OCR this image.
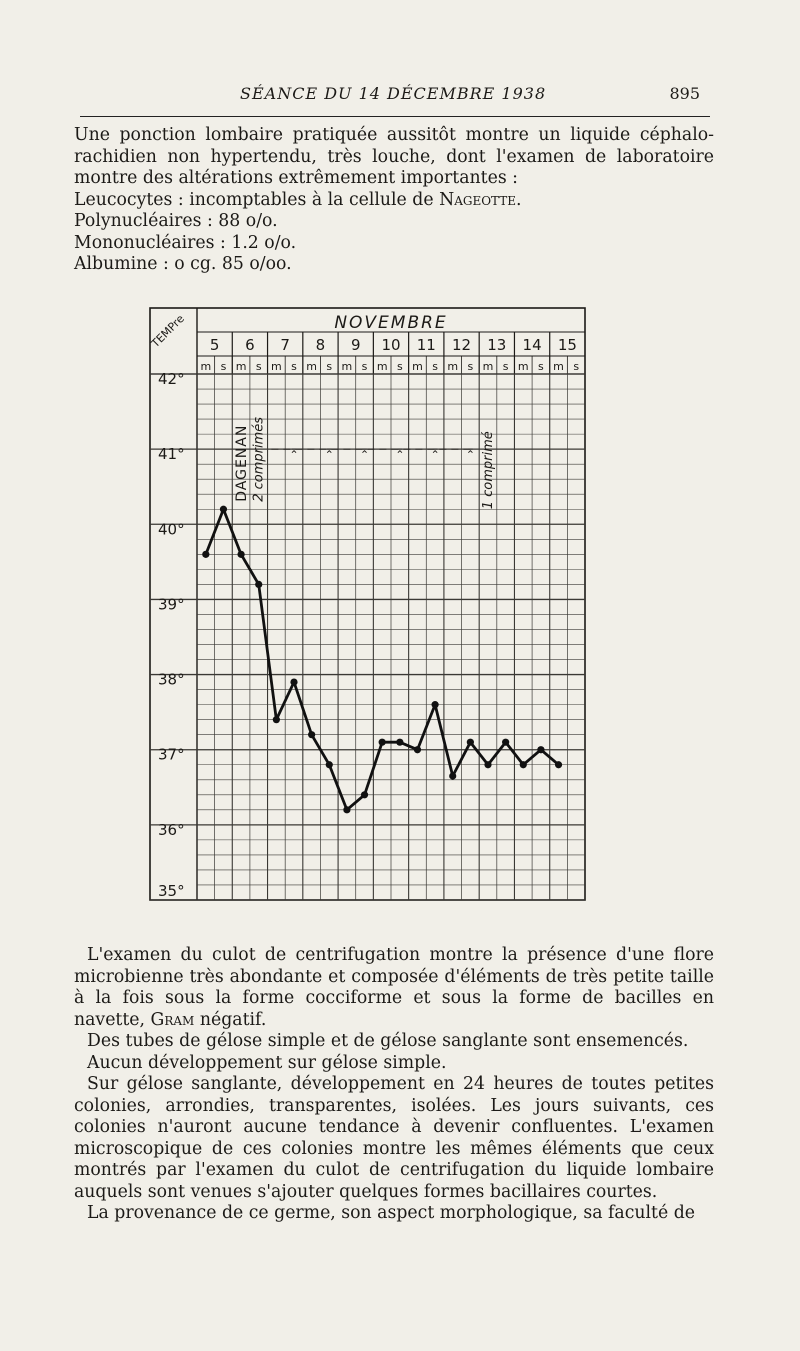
SÉANCE DU 14 DÉCEMBRE 1938	895

Une ponction lombaire pratiquée aussitôt montre un liquide céphalo-rachidien non hypertendu, très louche, dont l'examen de laboratoire montre des altérations extrêmement importantes :

Leucocytes : incomptables à la cellule de Nageotte.

Polynucléaires : 88 o/o.

Mononucléaires : 1.2 o/o.

Albumine : o cg. 85 o/oo.

NOVEMBRE
TEMPre 5 6 7 8 9 10 11 12 13 14 15
m s m s m s m s m s m s m s m s m s m s m s
42°
41°
40°
39°
38°
37°
36°
35°
DAGENAN 2 comprimés	1 comprimé
⌅ ⌅ ⌅ ⌅ ⌅ ⌅

L'examen du culot de centrifugation montre la présence d'une flore microbienne très abondante et composée d'éléments de très petite taille à la fois sous la forme cocciforme et sous la forme de bacilles en navette, Gram négatif.

Des tubes de gélose simple et de gélose sanglante sont ensemencés.

Aucun développement sur gélose simple.

Sur gélose sanglante, développement en 24 heures de toutes petites colonies, arrondies, transparentes, isolées. Les jours suivants, ces colonies n'auront aucune tendance à devenir confluentes. L'examen microscopique de ces colonies montre les mêmes éléments que ceux montrés par l'examen du culot de centrifugation du liquide lombaire auquels sont venues s'ajouter quelques formes bacillaires courtes.

La provenance de ce germe, son aspect morphologique, sa faculté de
